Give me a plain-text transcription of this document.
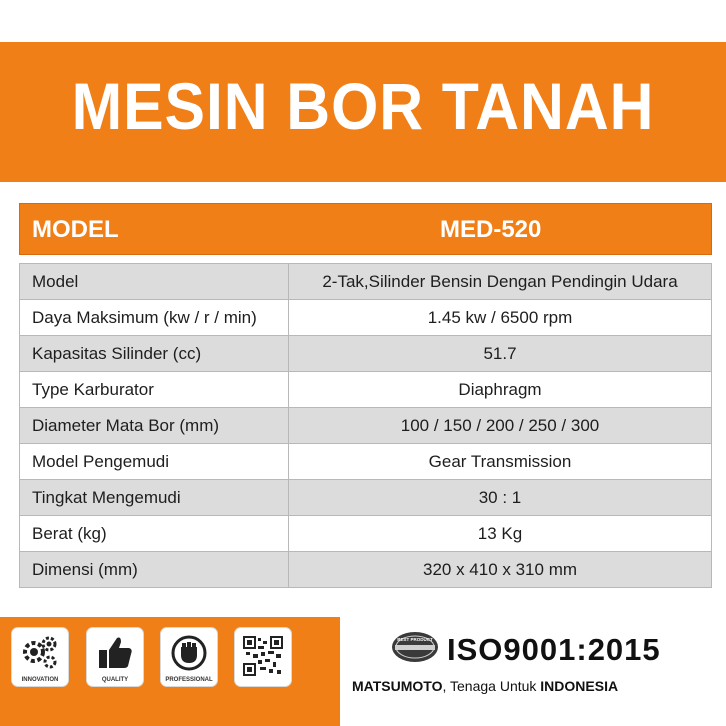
MESIN BOR TANAH
MODEL	MED-520
Model	2-Tak,Silinder Bensin Dengan Pendingin Udara
Daya Maksimum (kw / r / min)	1.45 kw / 6500 rpm
Kapasitas Silinder (cc)	51.7
Type Karburator	Diaphragm
Diameter Mata Bor (mm)	100 / 150 / 200 / 250 / 300
Model Pengemudi	Gear Transmission
Tingkat Mengemudi	30 : 1
Berat (kg)	13 Kg
Dimensi (mm)	320 x 410 x 310 mm
INNOVATION	QUALITY	PROFESSIONAL
BEST PRODUCT ISO9001:2015
MATSUMOTO, Tenaga Untuk INDONESIA
